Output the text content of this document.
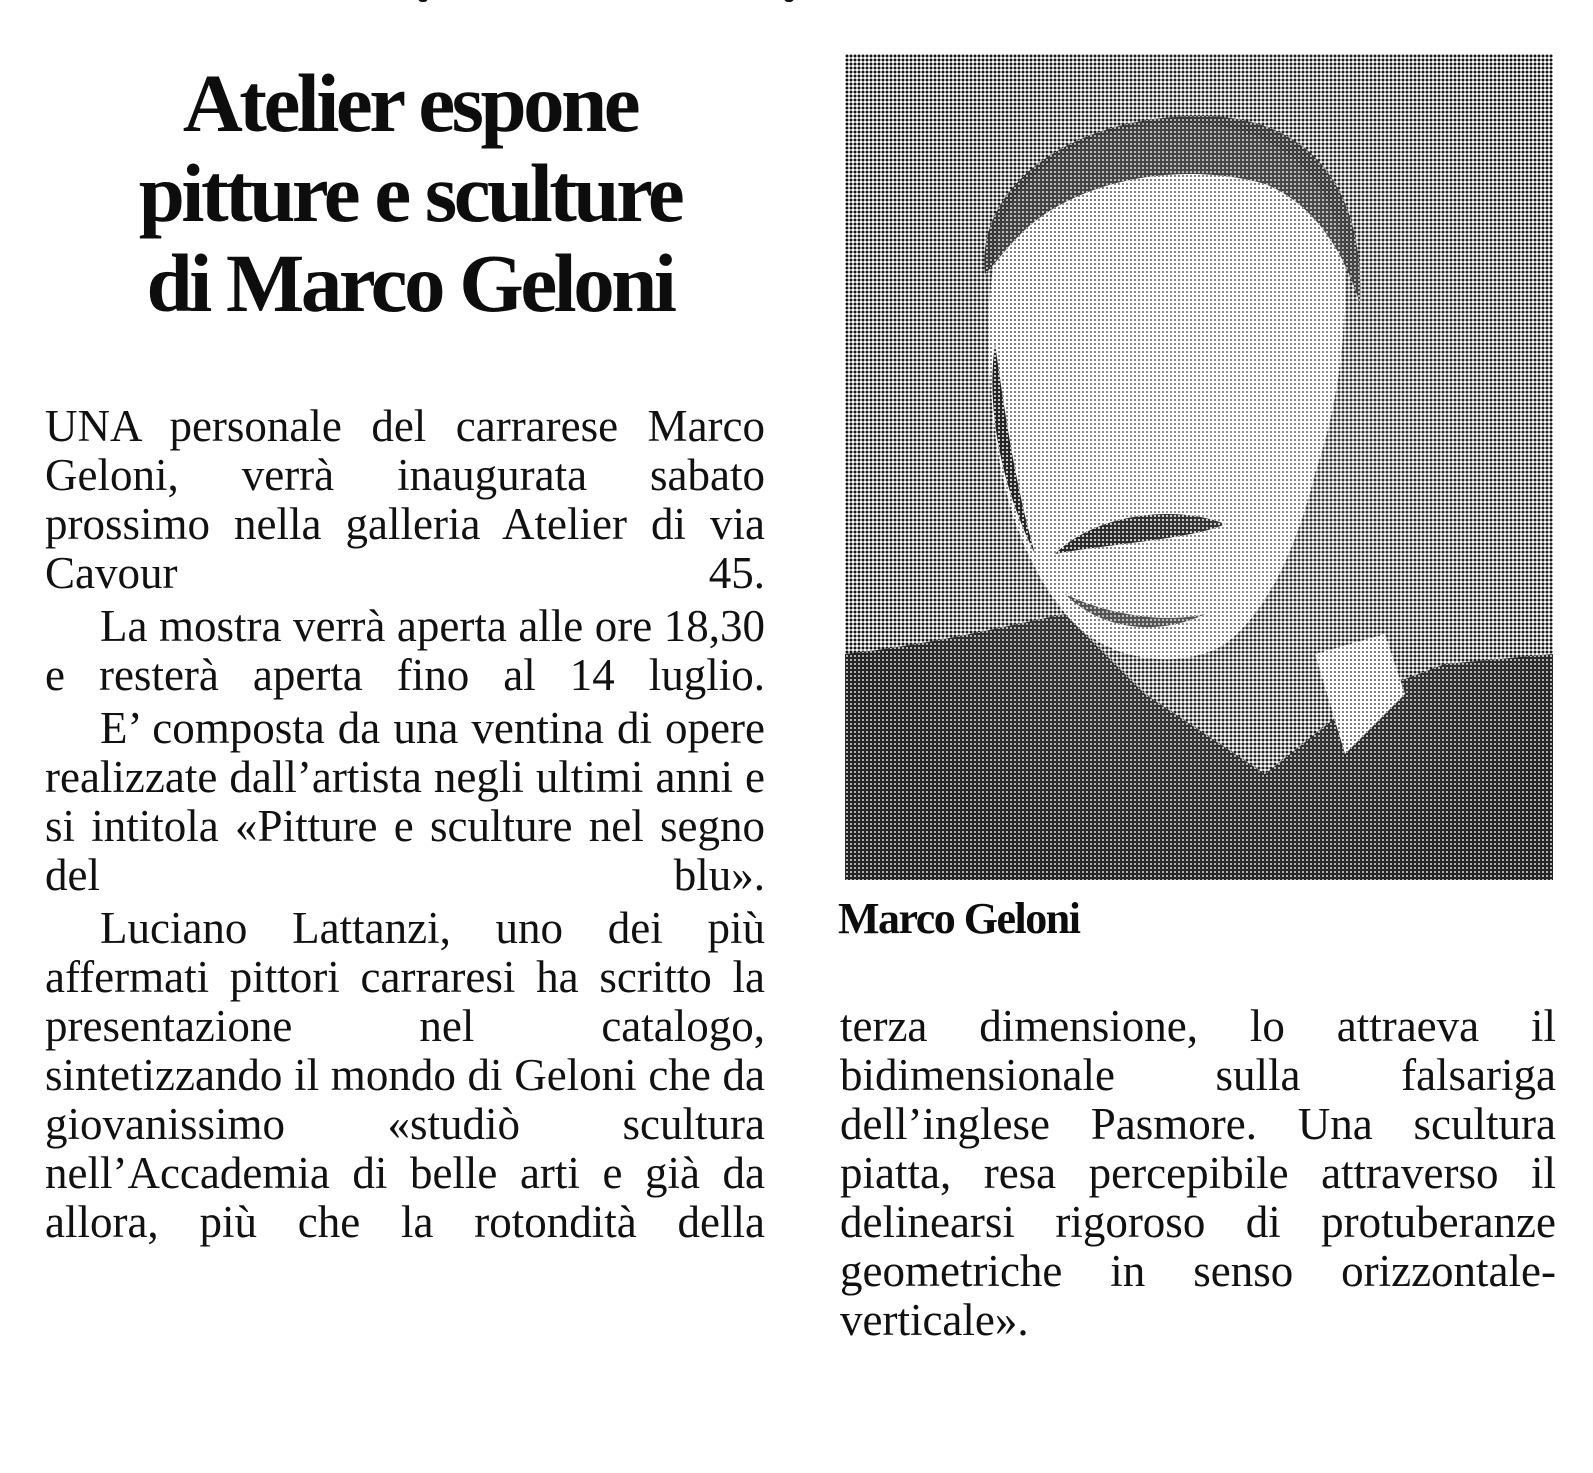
Atelier espone
pitture e sculture
di Marco Geloni

UNA personale del carrarese Marco Geloni, verrà inaugurata sabato prossimo nella galleria Atelier di via Cavour 45.

La mostra verrà aperta alle ore 18,30 e resterà aperta fino al 14 luglio.

E’ composta da una ventina di opere realizzate dall’artista negli ultimi anni e si intitola «Pitture e sculture nel segno del blu».

Luciano Lattanzi, uno dei più affermati pittori carraresi ha scritto la presentazione nel catalogo, sintetizzando il mondo di Geloni che da giovanissimo «studiò scultura nell’Accademia di belle arti e già da allora, più che la rotondità della

Marco Geloni

terza dimensione, lo attraeva il bidimensionale sulla falsariga dell’inglese Pasmore. Una scultura piatta, resa percepibile attraverso il delinearsi rigoroso di protuberanze geometriche in senso orizzontale-verticale».
